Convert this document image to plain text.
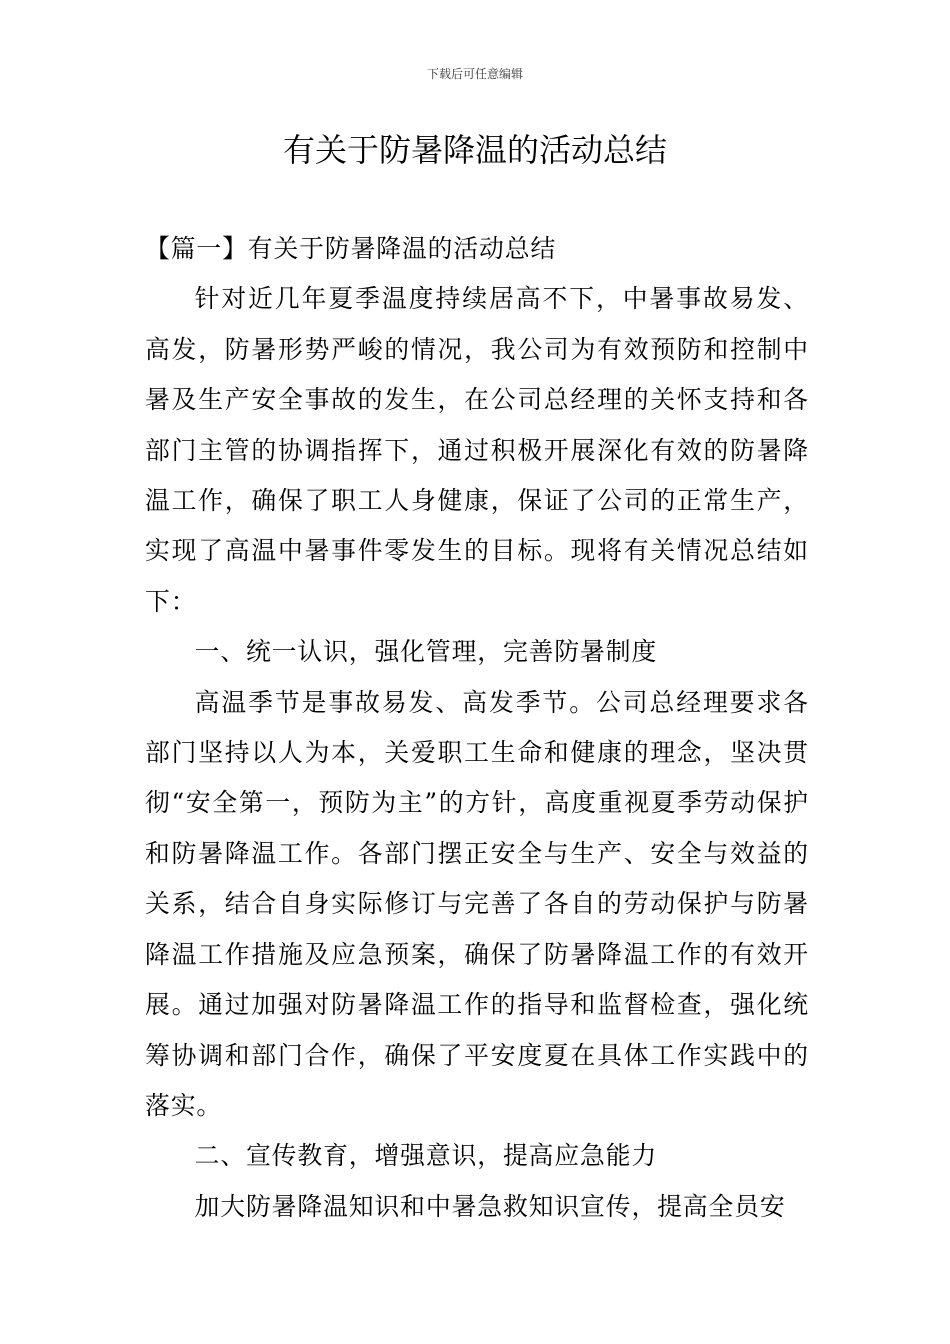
下载后可任意编辑
有关于防暑降温的活动总结

【篇一】有关于防暑降温的活动总结

针对近几年夏季温度持续居高不下，中暑事故易发、高发，防暑形势严峻的情况，我公司为有效预防和控制中暑及生产安全事故的发生，在公司总经理的关怀支持和各部门主管的协调指挥下，通过积极开展深化有效的防暑降温工作，确保了职工人身健康，保证了公司的正常生产，实现了高温中暑事件零发生的目标。现将有关情况总结如下：

一、统一认识，强化管理，完善防暑制度

高温季节是事故易发、高发季节。公司总经理要求各部门坚持以人为本，关爱职工生命和健康的理念，坚决贯彻“安全第一，预防为主”的方针，高度重视夏季劳动保护和防暑降温工作。各部门摆正安全与生产、安全与效益的关系，结合自身实际修订与完善了各自的劳动保护与防暑降温工作措施及应急预案，确保了防暑降温工作的有效开展。通过加强对防暑降温工作的指导和监督检查，强化统筹协调和部门合作，确保了平安度夏在具体工作实践中的落实。

二、宣传教育，增强意识，提高应急能力

加大防暑降温知识和中暑急救知识宣传，提高全员安
